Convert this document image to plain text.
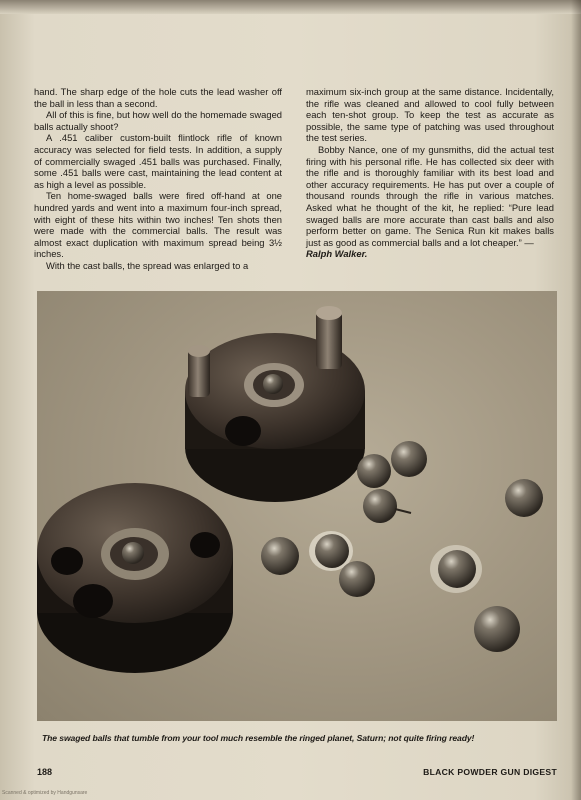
hand. The sharp edge of the hole cuts the lead washer off the ball in less than a second.

All of this is fine, but how well do the homemade swaged balls actually shoot?

A .451 caliber custom-built flintlock rifle of known accuracy was selected for field tests. In addition, a supply of commercially swaged .451 balls was purchased. Finally, some .451 balls were cast, maintaining the lead content at as high a level as possible.

Ten home-swaged balls were fired off-hand at one hundred yards and went into a maximum four-inch spread, with eight of these hits within two inches! Ten shots then were made with the commercial balls. The result was almost exact duplication with maximum spread being 3½ inches.

With the cast balls, the spread was enlarged to a

maximum six-inch group at the same distance. Incidentally, the rifle was cleaned and allowed to cool fully between each ten-shot group. To keep the test as accurate as possible, the same type of patching was used throughout the test series.

Bobby Nance, one of my gunsmiths, did the actual test firing with his personal rifle. He has collected six deer with the rifle and is thoroughly familiar with its best load and other accuracy requirements. He has put over a couple of thousand rounds through the rifle in various matches. Asked what he thought of the kit, he replied: “Pure lead swaged balls are more accurate than cast balls and also perform better on game. The Senica Run kit makes balls just as good as commercial balls and a lot cheaper.” —

Ralph Walker.

The swaged balls that tumble from your tool much resemble the ringed planet, Saturn; not quite firing ready!
188	BLACK POWDER GUN DIGEST
Scanned & optimized by Handgunsare
